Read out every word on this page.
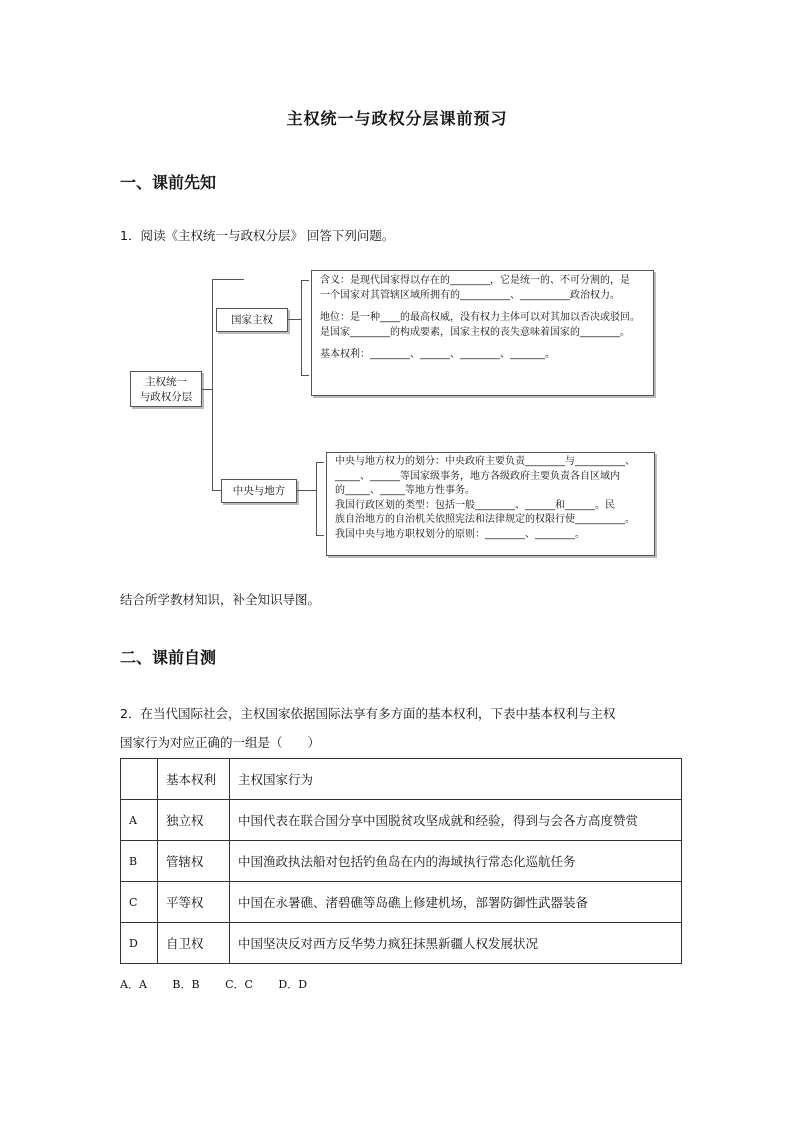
主权统一与政权分层课前预习
一、课前先知
1．阅读《主权统一与政权分层》 回答下列问题。
主权统一
与政权分层
国家主权
含义：是现代国家得以存在的________，它是统一的、不可分割的，是
一个国家对其管辖区域所拥有的__________、__________政治权力。
地位：是一种____的最高权威，没有权力主体可以对其加以否决或驳回。
是国家________的构成要素，国家主权的丧失意味着国家的________。
基本权利：________、______、________、_______。
中央与地方
中央与地方权力的划分：中央政府主要负责________与__________、
_____、______等国家级事务，地方各级政府主要负责各自区域内
的_____、_____等地方性事务。
我国行政区划的类型：包括一般________、______和______。民
族自治地方的自治机关依照宪法和法律规定的权限行使__________。
我国中央与地方职权划分的原则：________、________。
结合所学教材知识，补全知识导图。
二、课前自测
2．在当代国际社会，主权国家依据国际法享有多方面的基本权利，下表中基本权利与主权
国家行为对应正确的一组是（　　）
	基本权利	主权国家行为
A	独立权	中国代表在联合国分享中国脱贫攻坚成就和经验，得到与会各方高度赞赏
B	管辖权	中国渔政执法船对包括钓鱼岛在内的海域执行常态化巡航任务
C	平等权	中国在永暑礁、渚碧礁等岛礁上修建机场，部署防御性武器装备
D	自卫权	中国坚决反对西方反华势力疯狂抹黑新疆人权发展状况
A．A B．B C．C D．D
